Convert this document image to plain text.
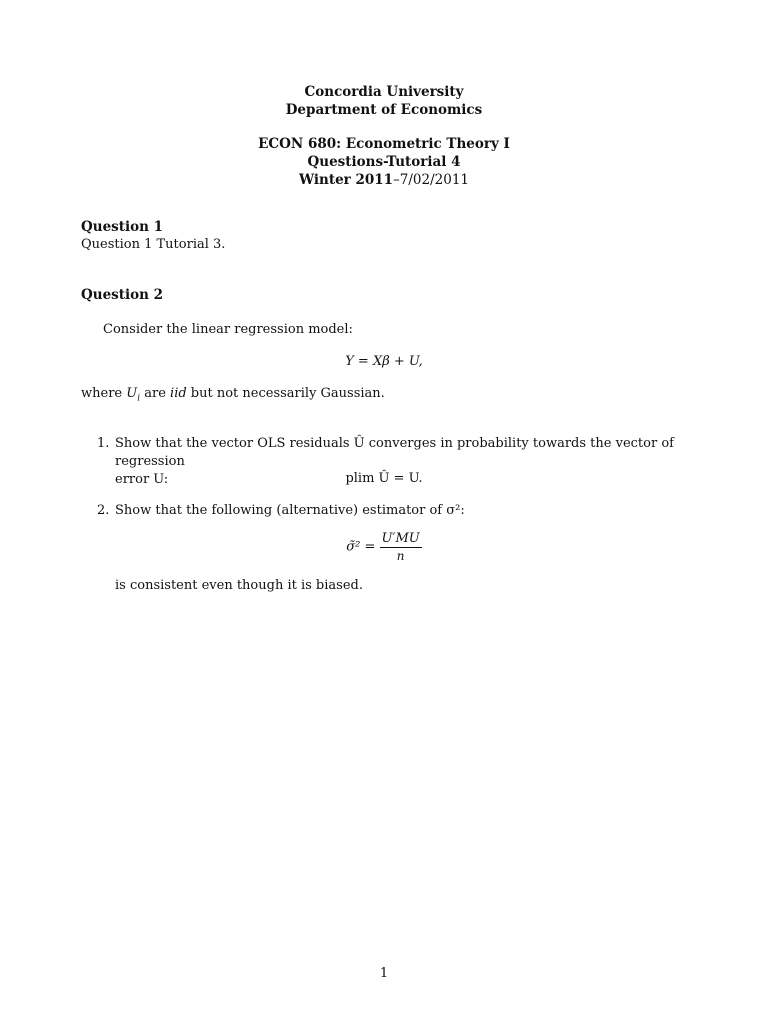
Concordia University
Department of Economics
ECON 680: Econometric Theory I
Questions-Tutorial 4
Winter 2011–7/02/2011
Question 1
Question 1 Tutorial 3.
Question 2
Consider the linear regression model:
Y = Xβ + U,
where $U_i$ are iid but not necessarily Gaussian.
1. Show that the vector OLS residuals Û converges in probability towards the vector of regression
error U:	plim Û = U.
2. Show that the following (alternative) estimator of σ²:
σ̃² = $\frac{U'MU}{n}$
is consistent even though it is biased.
1
